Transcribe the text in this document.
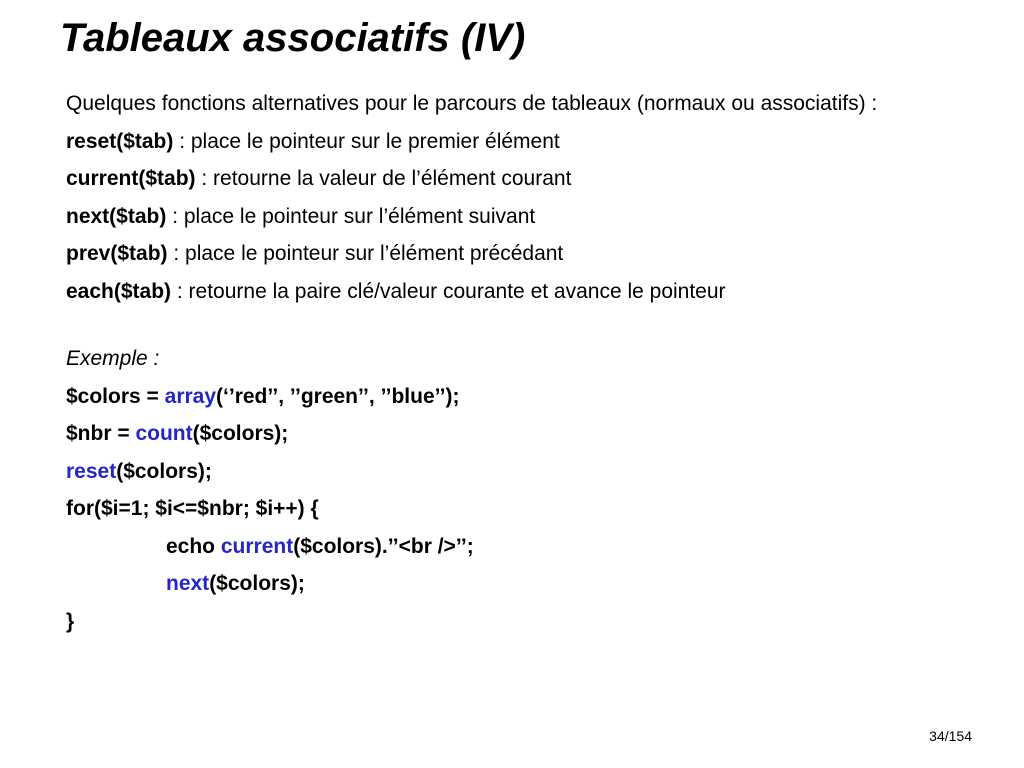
Tableaux associatifs (IV)

Quelques fonctions alternatives pour le parcours de tableaux (normaux ou associatifs) :

reset($tab) : place le pointeur sur le premier élément

current($tab) : retourne la valeur de l’élément courant

next($tab) : place le pointeur sur l’élément suivant

prev($tab) : place le pointeur sur l’élément précédant

each($tab) : retourne la paire clé/valeur courante et avance le pointeur

Exemple :

$colors = array(‘’red’’, ’’green’’, ’’blue’’);

$nbr = count($colors);

reset($colors);

for($i=1; $i<=$nbr; $i++) {

echo current($colors).’’<br />’’;

next($colors);

}

34/154
